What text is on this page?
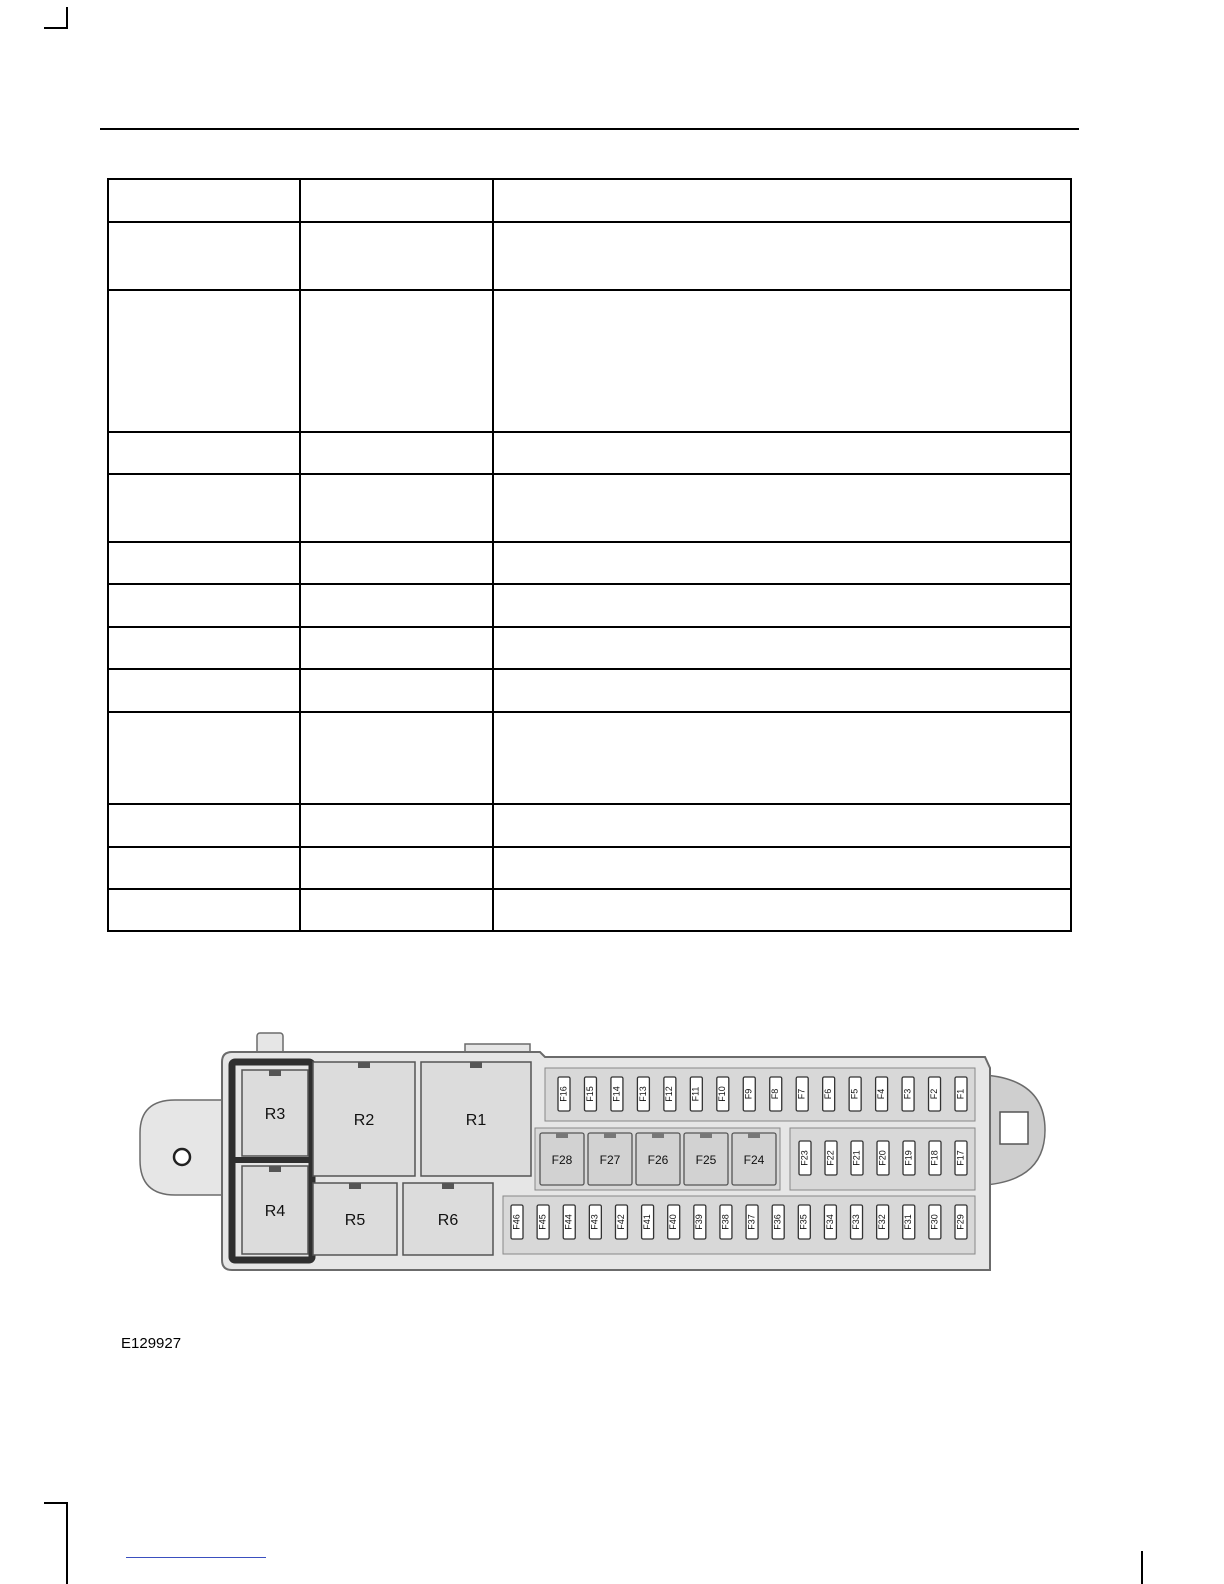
R3	R2	R1
R4
R5	R6
F16 F15 F14 F13 F12 F11 F10 F9 F8 F7 F6 F5 F4 F3 F2 F1
F23 F22 F21 F20 F19 F18 F17
F46 F45 F44 F43 F42 F41 F40 F39 F38 F37 F36 F35 F34 F33 F32 F31 F30 F29
F28 F27 F26 F25 F24
E129927
